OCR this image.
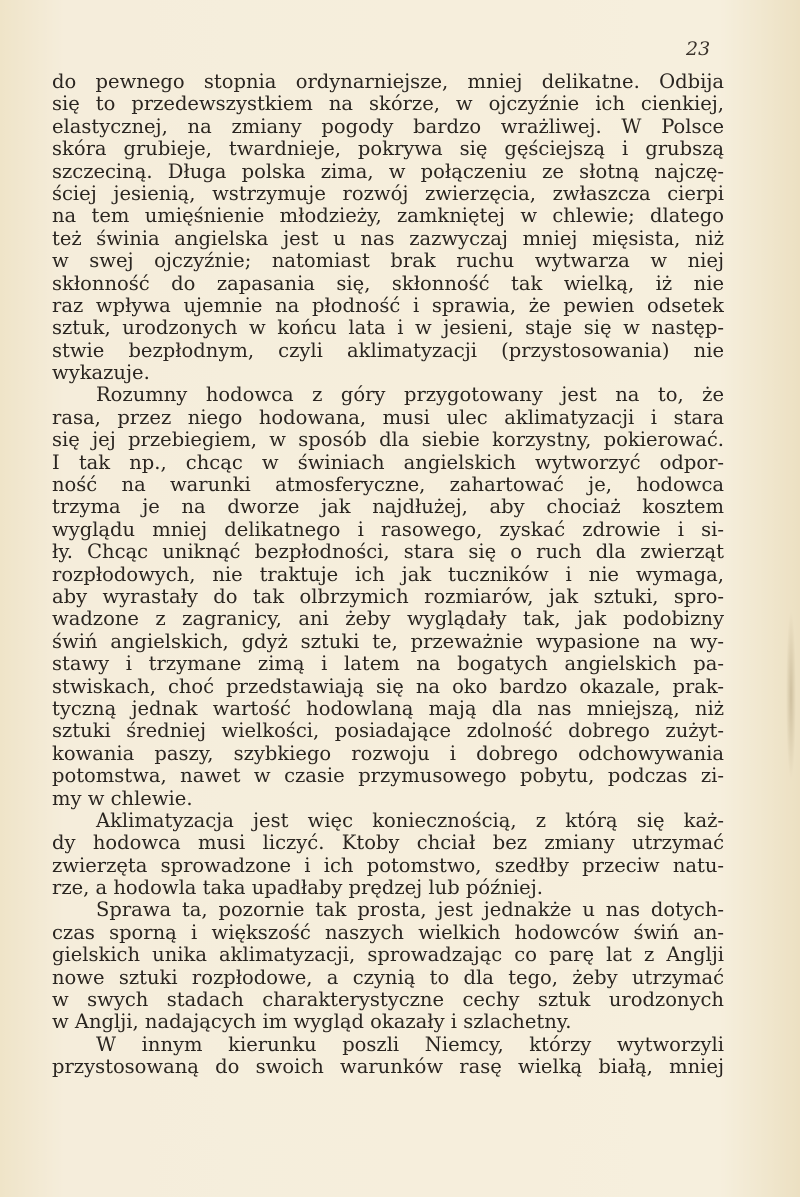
23
do pewnego stopnia ordynarniejsze, mniej delikatne. Odbija
się to przedewszystkiem na skórze, w ojczyźnie ich cienkiej,
elastycznej, na zmiany pogody bardzo wrażliwej. W Polsce
skóra grubieje, twardnieje, pokrywa się gęściejszą i grubszą
szczeciną. Długa polska zima, w połączeniu ze słotną najczę-
ściej jesienią, wstrzymuje rozwój zwierzęcia, zwłaszcza cierpi
na tem umięśnienie młodzieży, zamkniętej w chlewie; dlatego
też świnia angielska jest u nas zazwyczaj mniej mięsista, niż
w swej ojczyźnie; natomiast brak ruchu wytwarza w niej
skłonność do zapasania się, skłonność tak wielką, iż nie
raz wpływa ujemnie na płodność i sprawia, że pewien odsetek
sztuk, urodzonych w końcu lata i w jesieni, staje się w następ-
stwie bezpłodnym, czyli aklimatyzacji (przystosowania) nie
wykazuje.
Rozumny hodowca z góry przygotowany jest na to, że
rasa, przez niego hodowana, musi ulec aklimatyzacji i stara
się jej przebiegiem, w sposób dla siebie korzystny, pokierować.
I tak np., chcąc w świniach angielskich wytworzyć odpor-
ność na warunki atmosferyczne, zahartować je, hodowca
trzyma je na dworze jak najdłużej, aby chociaż kosztem
wyglądu mniej delikatnego i rasowego, zyskać zdrowie i si-
ły. Chcąc uniknąć bezpłodności, stara się o ruch dla zwierząt
rozpłodowych, nie traktuje ich jak tuczników i nie wymaga,
aby wyrastały do tak olbrzymich rozmiarów, jak sztuki, spro-
wadzone z zagranicy, ani żeby wyglądały tak, jak podobizny
świń angielskich, gdyż sztuki te, przeważnie wypasione na wy-
stawy i trzymane zimą i latem na bogatych angielskich pa-
stwiskach, choć przedstawiają się na oko bardzo okazale, prak-
tyczną jednak wartość hodowlaną mają dla nas mniejszą, niż
sztuki średniej wielkości, posiadające zdolność dobrego zużyt-
kowania paszy, szybkiego rozwoju i dobrego odchowywania
potomstwa, nawet w czasie przymusowego pobytu, podczas zi-
my w chlewie.
Aklimatyzacja jest więc koniecznością, z którą się każ-
dy hodowca musi liczyć. Ktoby chciał bez zmiany utrzymać
zwierzęta sprowadzone i ich potomstwo, szedłby przeciw natu-
rze, a hodowla taka upadłaby prędzej lub później.
Sprawa ta, pozornie tak prosta, jest jednakże u nas dotych-
czas sporną i większość naszych wielkich hodowców świń an-
gielskich unika aklimatyzacji, sprowadzając co parę lat z Anglji
nowe sztuki rozpłodowe, a czynią to dla tego, żeby utrzymać
w swych stadach charakterystyczne cechy sztuk urodzonych
w Anglji, nadających im wygląd okazały i szlachetny.
W innym kierunku poszli Niemcy, którzy wytworzyli
przystosowaną do swoich warunków rasę wielką białą, mniej
